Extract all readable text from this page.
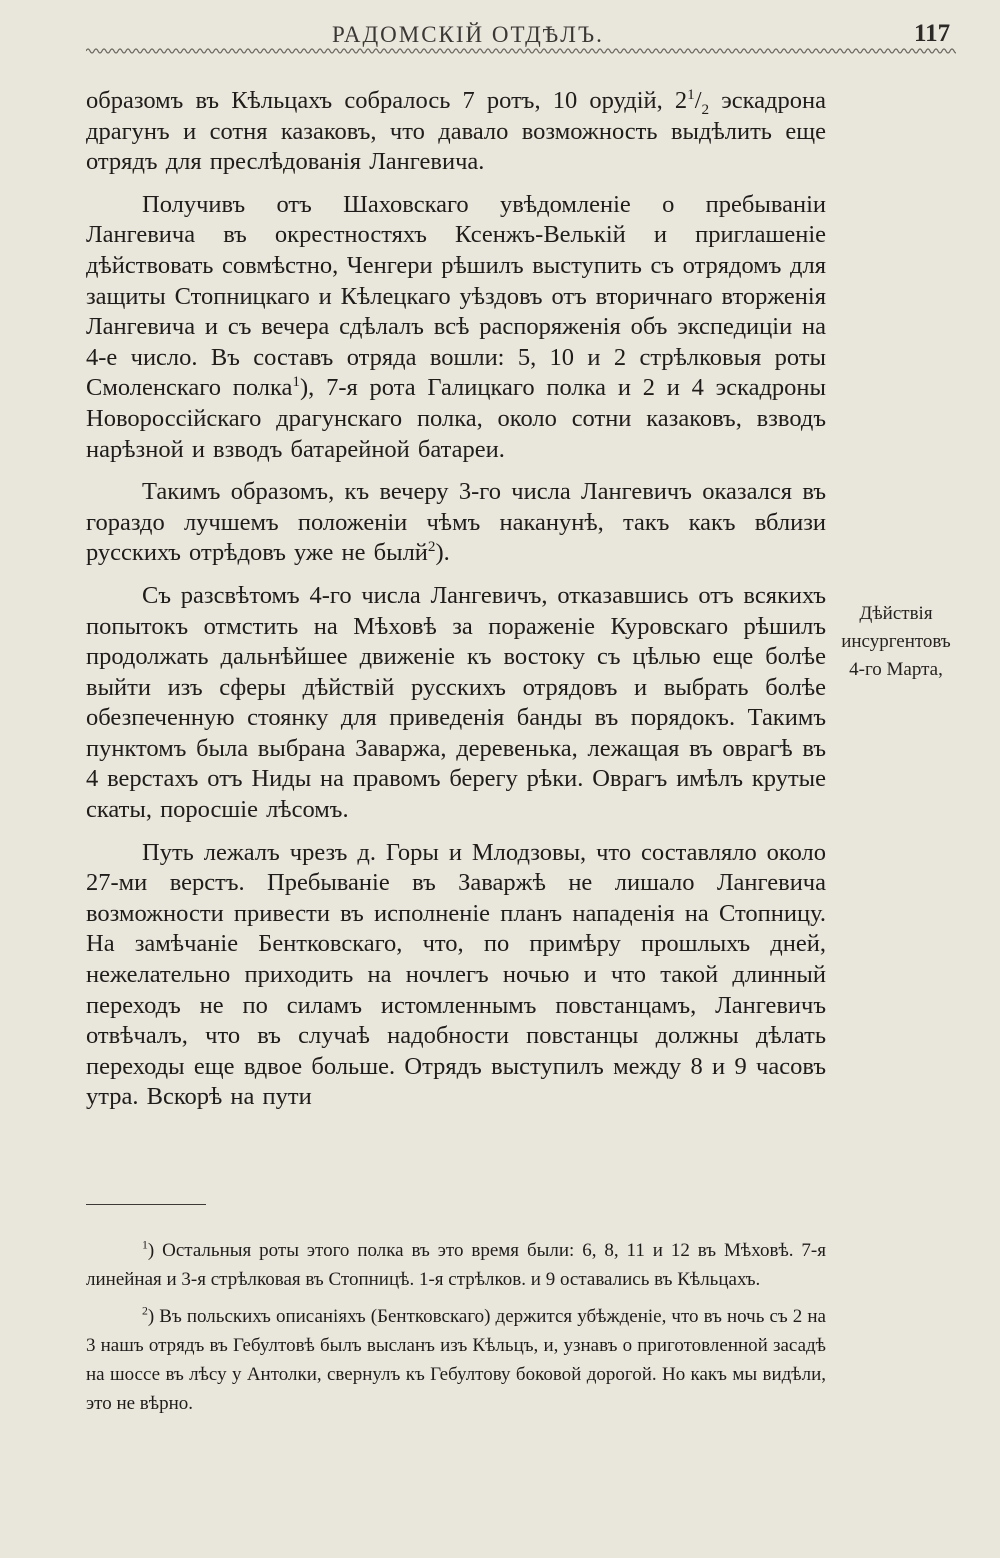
РАДОМСКІЙ ОТДѢЛЪ.	117

образомъ въ Кѣльцахъ собралось 7 ротъ, 10 орудій, $2^1/_2$ эскадрона драгунъ и сотня казаковъ, что давало возможность выдѣлить еще отрядъ для преслѣдованія Лангевича.

Получивъ отъ Шаховскаго увѣдомленіе о пребываніи Лангевича въ окрестностяхъ Ксенжъ-Велькій и приглашеніе дѣйствовать совмѣстно, Ченгери рѣшилъ выступить съ отрядомъ для защиты Стопницкаго и Кѣлецкаго уѣздовъ отъ вторичнаго вторженія Лангевича и съ вечера сдѣлалъ всѣ распоряженія объ экспедиціи на 4-е число. Въ составъ отряда вошли: 5, 10 и 2 стрѣлковыя роты Смоленскаго полка$^1$), 7-я рота Галицкаго полка и 2 и 4 эскадроны Новороссійскаго драгунскаго полка, около сотни казаковъ, взводъ нарѣзной и взводъ батарейной батареи.

Такимъ образомъ, къ вечеру 3-го числа Лангевичъ оказался въ гораздо лучшемъ положеніи чѣмъ наканунѣ, такъ какъ вблизи русскихъ отрѣдовъ уже не былй$^2$).

Съ разсвѣтомъ 4-го числа Лангевичъ, отказавшись отъ всякихъ попытокъ отмстить на Мѣховѣ за пораженіе Куровскаго рѣшилъ продолжать дальнѣйшее движеніе къ востоку съ цѣлью еще болѣе выйти изъ сферы дѣйствій русскихъ отрядовъ и выбрать болѣе обезпеченную стоянку для приведенія банды въ порядокъ. Такимъ пунктомъ была выбрана Заваржа, деревенька, лежащая въ оврагѣ въ 4 верстахъ отъ Ниды на правомъ берегу рѣки. Оврагъ имѣлъ крутые скаты, поросшіе лѣсомъ.

Путь лежалъ чрезъ д. Горы и Млодзовы, что составляло около 27-ми верстъ. Пребываніе въ Заваржѣ не лишало Лангевича возможности привести въ исполненіе планъ нападенія на Стопницу. На замѣчаніе Бентковскаго, что, по примѣру прошлыхъ дней, нежелательно приходить на ночлегъ ночью и что такой длинный переходъ не по силамъ истомленнымъ повстанцамъ, Лангевичъ отвѣчалъ, что въ случаѣ надобности повстанцы должны дѣлать переходы еще вдвое больше. Отрядъ выступилъ между 8 и 9 часовъ утра. Вскорѣ на пути

Дѣйствія
инсургентовъ
4-го Марта,

$^1$) Остальныя роты этого полка въ это время были: 6, 8, 11 и 12 въ Мѣховѣ. 7-я линейная и 3-я стрѣлковая въ Стопницѣ. 1-я стрѣлков. и 9 оставались въ Кѣльцахъ.

$^2$) Въ польскихъ описаніяхъ (Бентковскаго) держится убѣжденіе, что въ ночь съ 2 на 3 нашъ отрядъ въ Гебултовѣ былъ высланъ изъ Кѣльцъ, и, узнавъ о приготовленной засадѣ на шоссе въ лѣсу у Антолки, свернулъ къ Гебултову боковой дорогой. Но какъ мы видѣли, это не вѣрно.
